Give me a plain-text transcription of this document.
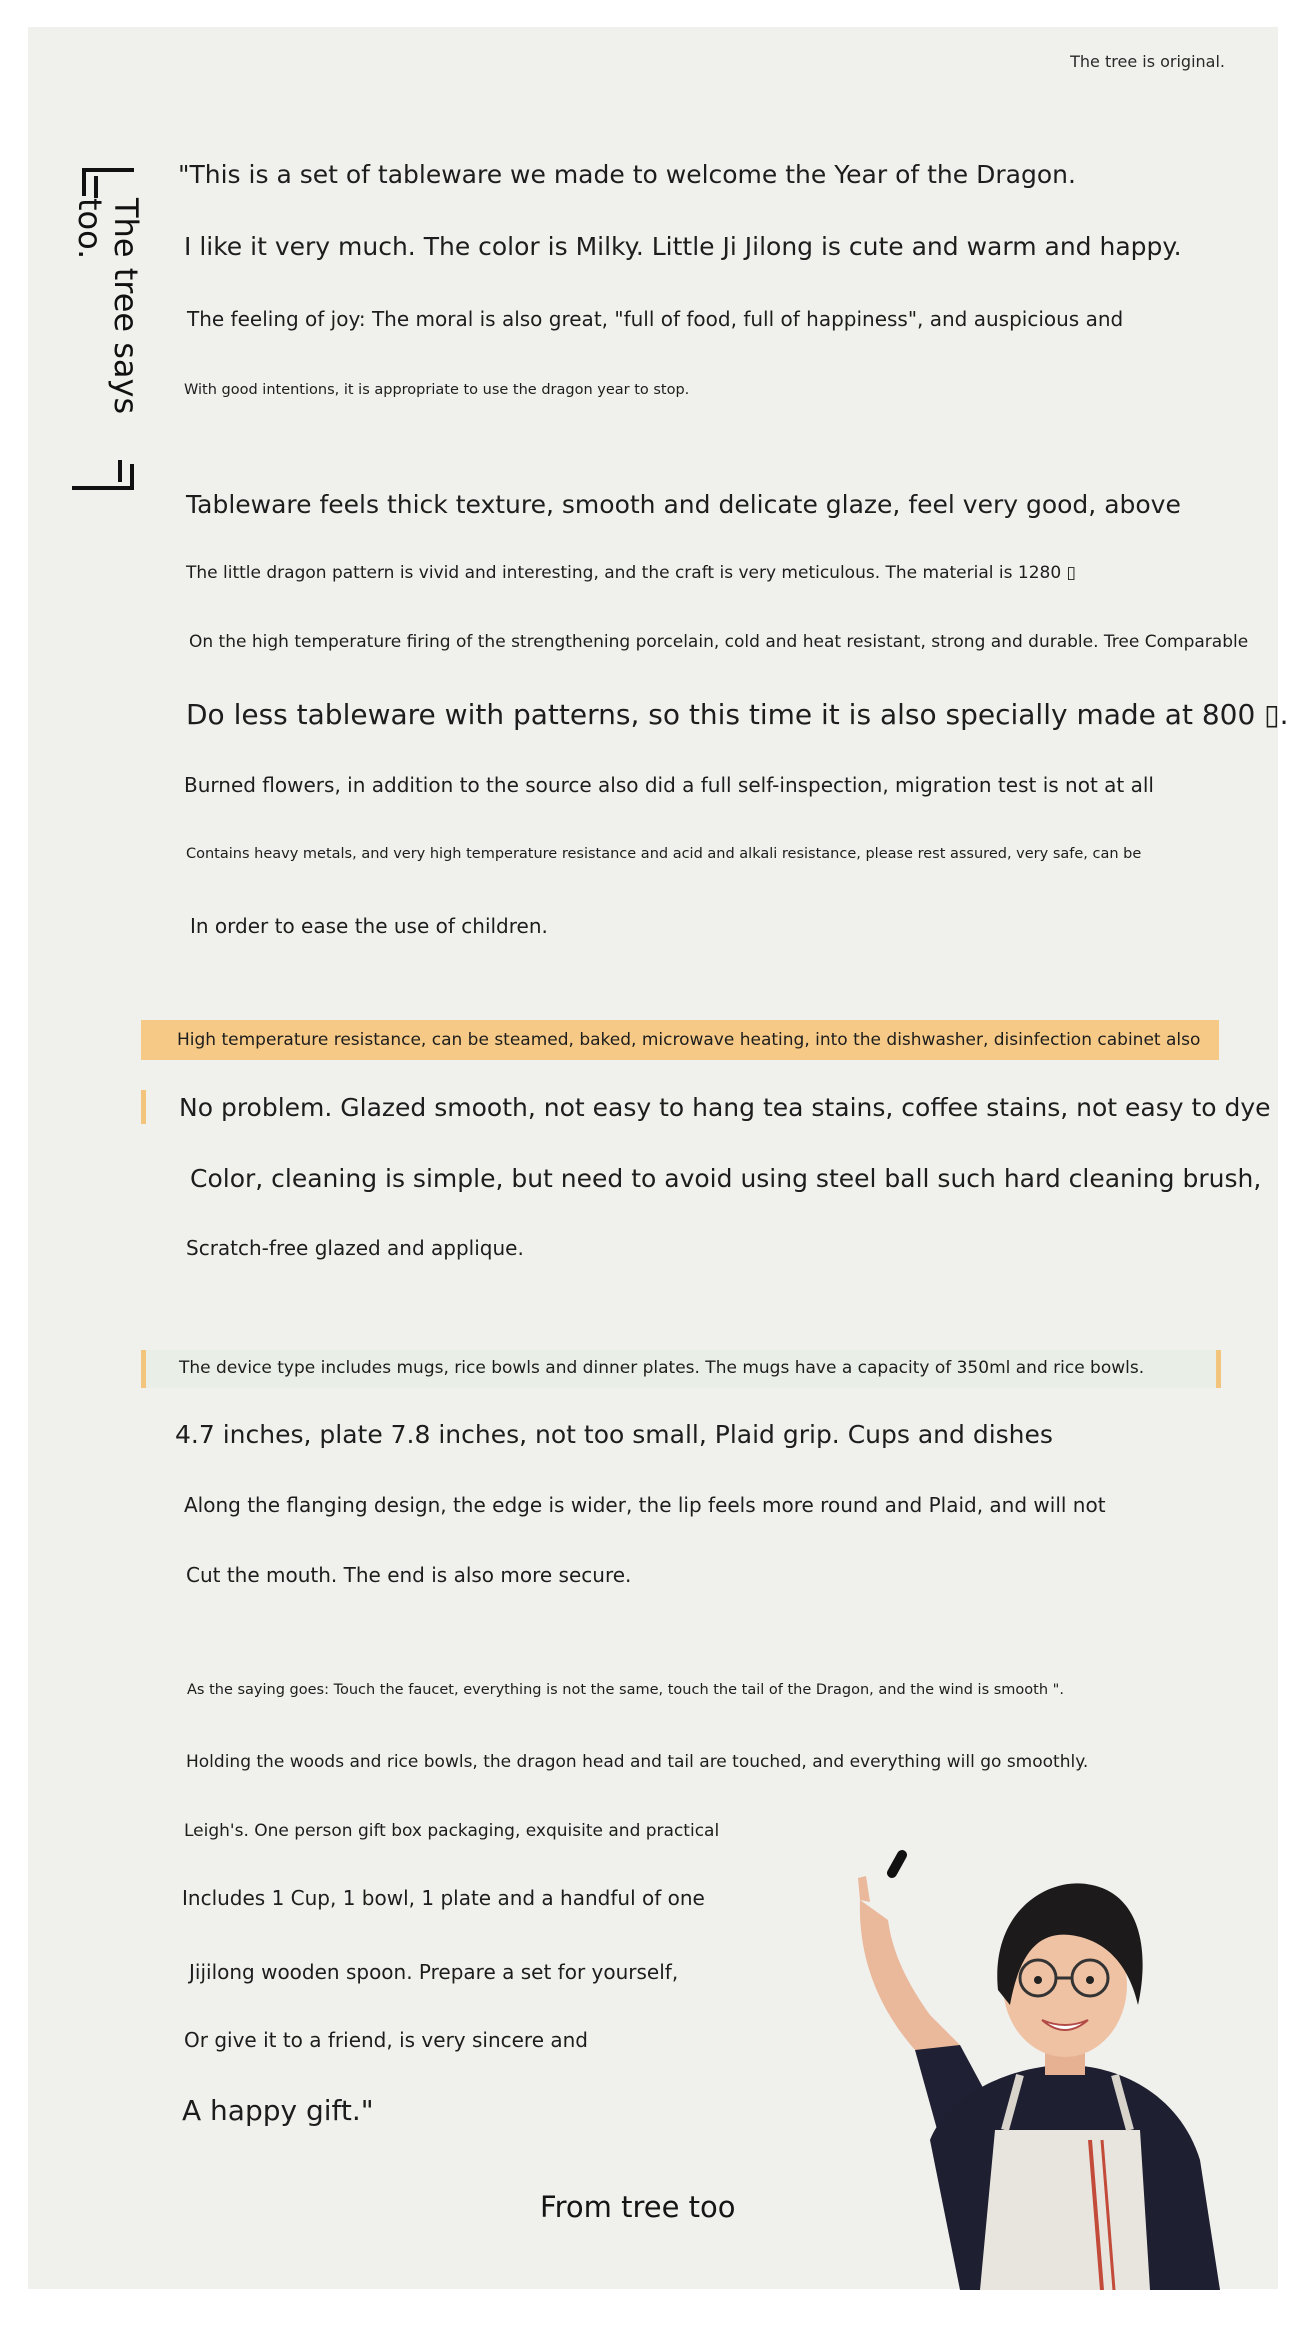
The tree is original.
The tree says too.
"This is a set of tableware we made to welcome the Year of the Dragon.
I like it very much. The color is Milky. Little Ji Jilong is cute and warm and happy.
The feeling of joy: The moral is also great, "full of food, full of happiness", and auspicious and
With good intentions, it is appropriate to use the dragon year to stop.
Tableware feels thick texture, smooth and delicate glaze, feel very good, above
The little dragon pattern is vivid and interesting, and the craft is very meticulous. The material is 1280 ▯
On the high temperature firing of the strengthening porcelain, cold and heat resistant, strong and durable. Tree Comparable
Do less tableware with patterns, so this time it is also specially made at 800 ▯.
Burned flowers, in addition to the source also did a full self-inspection, migration test is not at all
Contains heavy metals, and very high temperature resistance and acid and alkali resistance, please rest assured, very safe, can be
In order to ease the use of children.
High temperature resistance, can be steamed, baked, microwave heating, into the dishwasher, disinfection cabinet also
No problem. Glazed smooth, not easy to hang tea stains, coffee stains, not easy to dye
Color, cleaning is simple, but need to avoid using steel ball such hard cleaning brush,
Scratch-free glazed and applique.
The device type includes mugs, rice bowls and dinner plates. The mugs have a capacity of 350ml and rice bowls.
4.7 inches, plate 7.8 inches, not too small, Plaid grip. Cups and dishes
Along the flanging design, the edge is wider, the lip feels more round and Plaid, and will not
Cut the mouth. The end is also more secure.
As the saying goes: Touch the faucet, everything is not the same, touch the tail of the Dragon, and the wind is smooth ".
Holding the woods and rice bowls, the dragon head and tail are touched, and everything will go smoothly.
Leigh's. One person gift box packaging, exquisite and practical
Includes 1 Cup, 1 bowl, 1 plate and a handful of one
Jijilong wooden spoon. Prepare a set for yourself,
Or give it to a friend, is very sincere and
A happy gift."
From tree too
